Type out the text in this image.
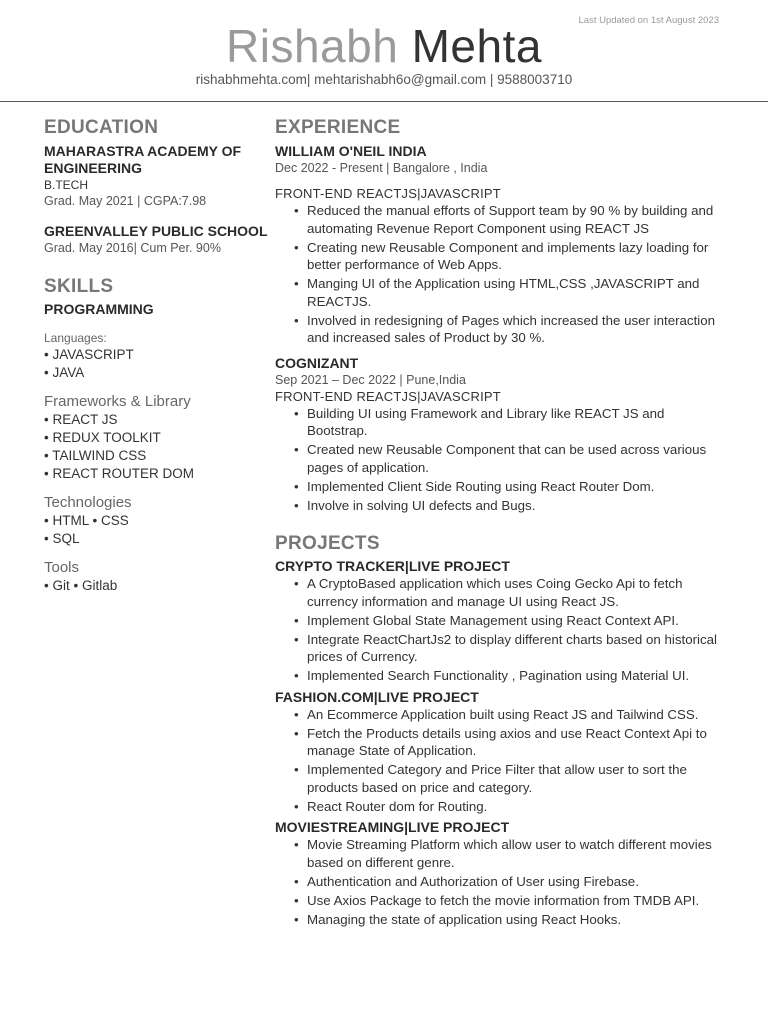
Last Updated on 1st August 2023
Rishabh Mehta
rishabhmehta.com| mehtarishabh6o@gmail.com | 9588003710
EDUCATION
MAHARASTRA ACADEMY OF ENGINEERING
B.TECH
Grad. May 2021 | CGPA:7.98
GREENVALLEY PUBLIC SCHOOL
Grad. May 2016| Cum Per. 90%
SKILLS
PROGRAMMING
Languages:
• JAVASCRIPT
• JAVA
Frameworks & Library
• REACT JS
• REDUX TOOLKIT
• TAILWIND CSS
• REACT ROUTER DOM
Technologies
• HTML • CSS
• SQL
Tools
• Git • Gitlab
EXPERIENCE
WILLIAM O'NEIL INDIA
Dec 2022 - Present | Bangalore , India
FRONT-END REACTJS|JAVASCRIPT
• Reduced the manual efforts of Support team by 90 % by building and automating Revenue Report Component using REACT JS
• Creating new Reusable Component and implements lazy loading for better performance of Web Apps.
• Manging UI of the Application using HTML,CSS ,JAVASCRIPT and REACTJS.
• Involved in redesigning of Pages which increased the user interaction and increased sales of Product by 30 %.
COGNIZANT
Sep 2021 – Dec 2022 | Pune,India
FRONT-END REACTJS|JAVASCRIPT
• Building UI using Framework and Library like REACT JS and Bootstrap.
• Created new Reusable Component that can be used across various pages of application.
• Implemented Client Side Routing using React Router Dom.
• Involve in solving UI defects and Bugs.
PROJECTS
CRYPTO TRACKER|LIVE PROJECT
• A CryptoBased application which uses Coing Gecko Api to fetch currency information and manage UI using React JS.
• Implement Global State Management using React Context API.
• Integrate ReactChartJs2 to display different charts based on historical prices of Currency.
• Implemented Search Functionality , Pagination using Material UI.
FASHION.COM|LIVE PROJECT
• An Ecommerce Application built using React JS and Tailwind CSS.
• Fetch the Products details using axios and use React Context Api to manage State of Application.
• Implemented Category and Price Filter that allow user to sort the products based on price and category.
• React Router dom for Routing.
MOVIESTREAMING|LIVE PROJECT
• Movie Streaming Platform which allow user to watch different movies based on different genre.
• Authentication and Authorization of User using Firebase.
• Use Axios Package to fetch the movie information from TMDB API.
• Managing the state of application using React Hooks.
